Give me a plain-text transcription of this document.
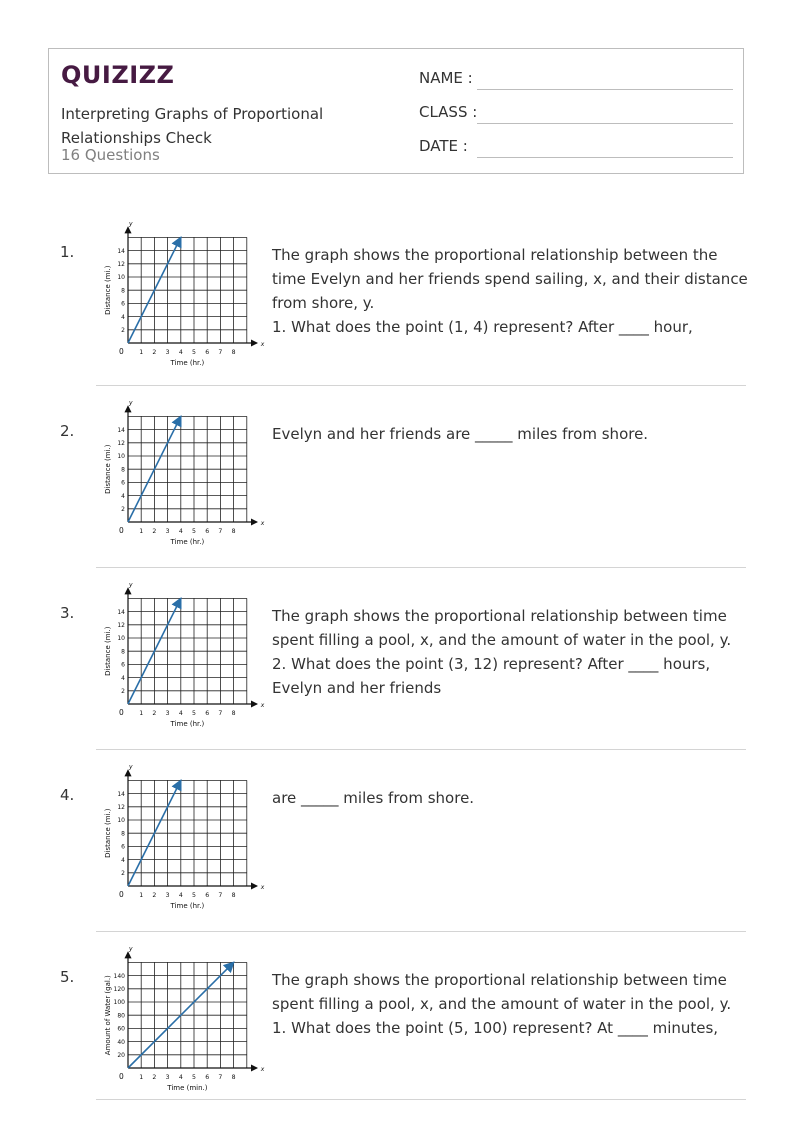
QUIZIZZ
Interpreting Graphs of Proportional Relationships Check
16 Questions
NAME :
CLASS :
DATE :
1.
x
y
0 1 2 3 4 5 6 7 8
2
4
6
8
10
12
14
Time (hr.)
Distance (mi.)
The graph shows the proportional relationship between the time Evelyn and her friends spend sailing, x, and their distance from shore, y.
1. What does the point (1, 4) represent? After ____ hour,
2.
x
y
0 1 2 3 4 5 6 7 8
2
4
6
8
10
12
14
Time (hr.)
Distance (mi.)
Evelyn and her friends are _____ miles from shore.
3.
x
y
0 1 2 3 4 5 6 7 8
2
4
6
8
10
12
14
Time (hr.)
Distance (mi.)
The graph shows the proportional relationship between time spent filling a pool, x, and the amount of water in the pool, y.
2. What does the point (3, 12) represent? After ____ hours, Evelyn and her friends
4.
x
y
0 1 2 3 4 5 6 7 8
2
4
6
8
10
12
14
Time (hr.)
Distance (mi.)
are _____ miles from shore.
5.
x
y
0 1 2 3 4 5 6 7 8
20
40
60
80
100
120
140
Time (min.)
Amount of Water (gal.)	The graph shows the proportional relationship between time spent filling a pool, x, and the amount of water in the pool, y.
1. What does the point (5, 100) represent? At ____ minutes,
